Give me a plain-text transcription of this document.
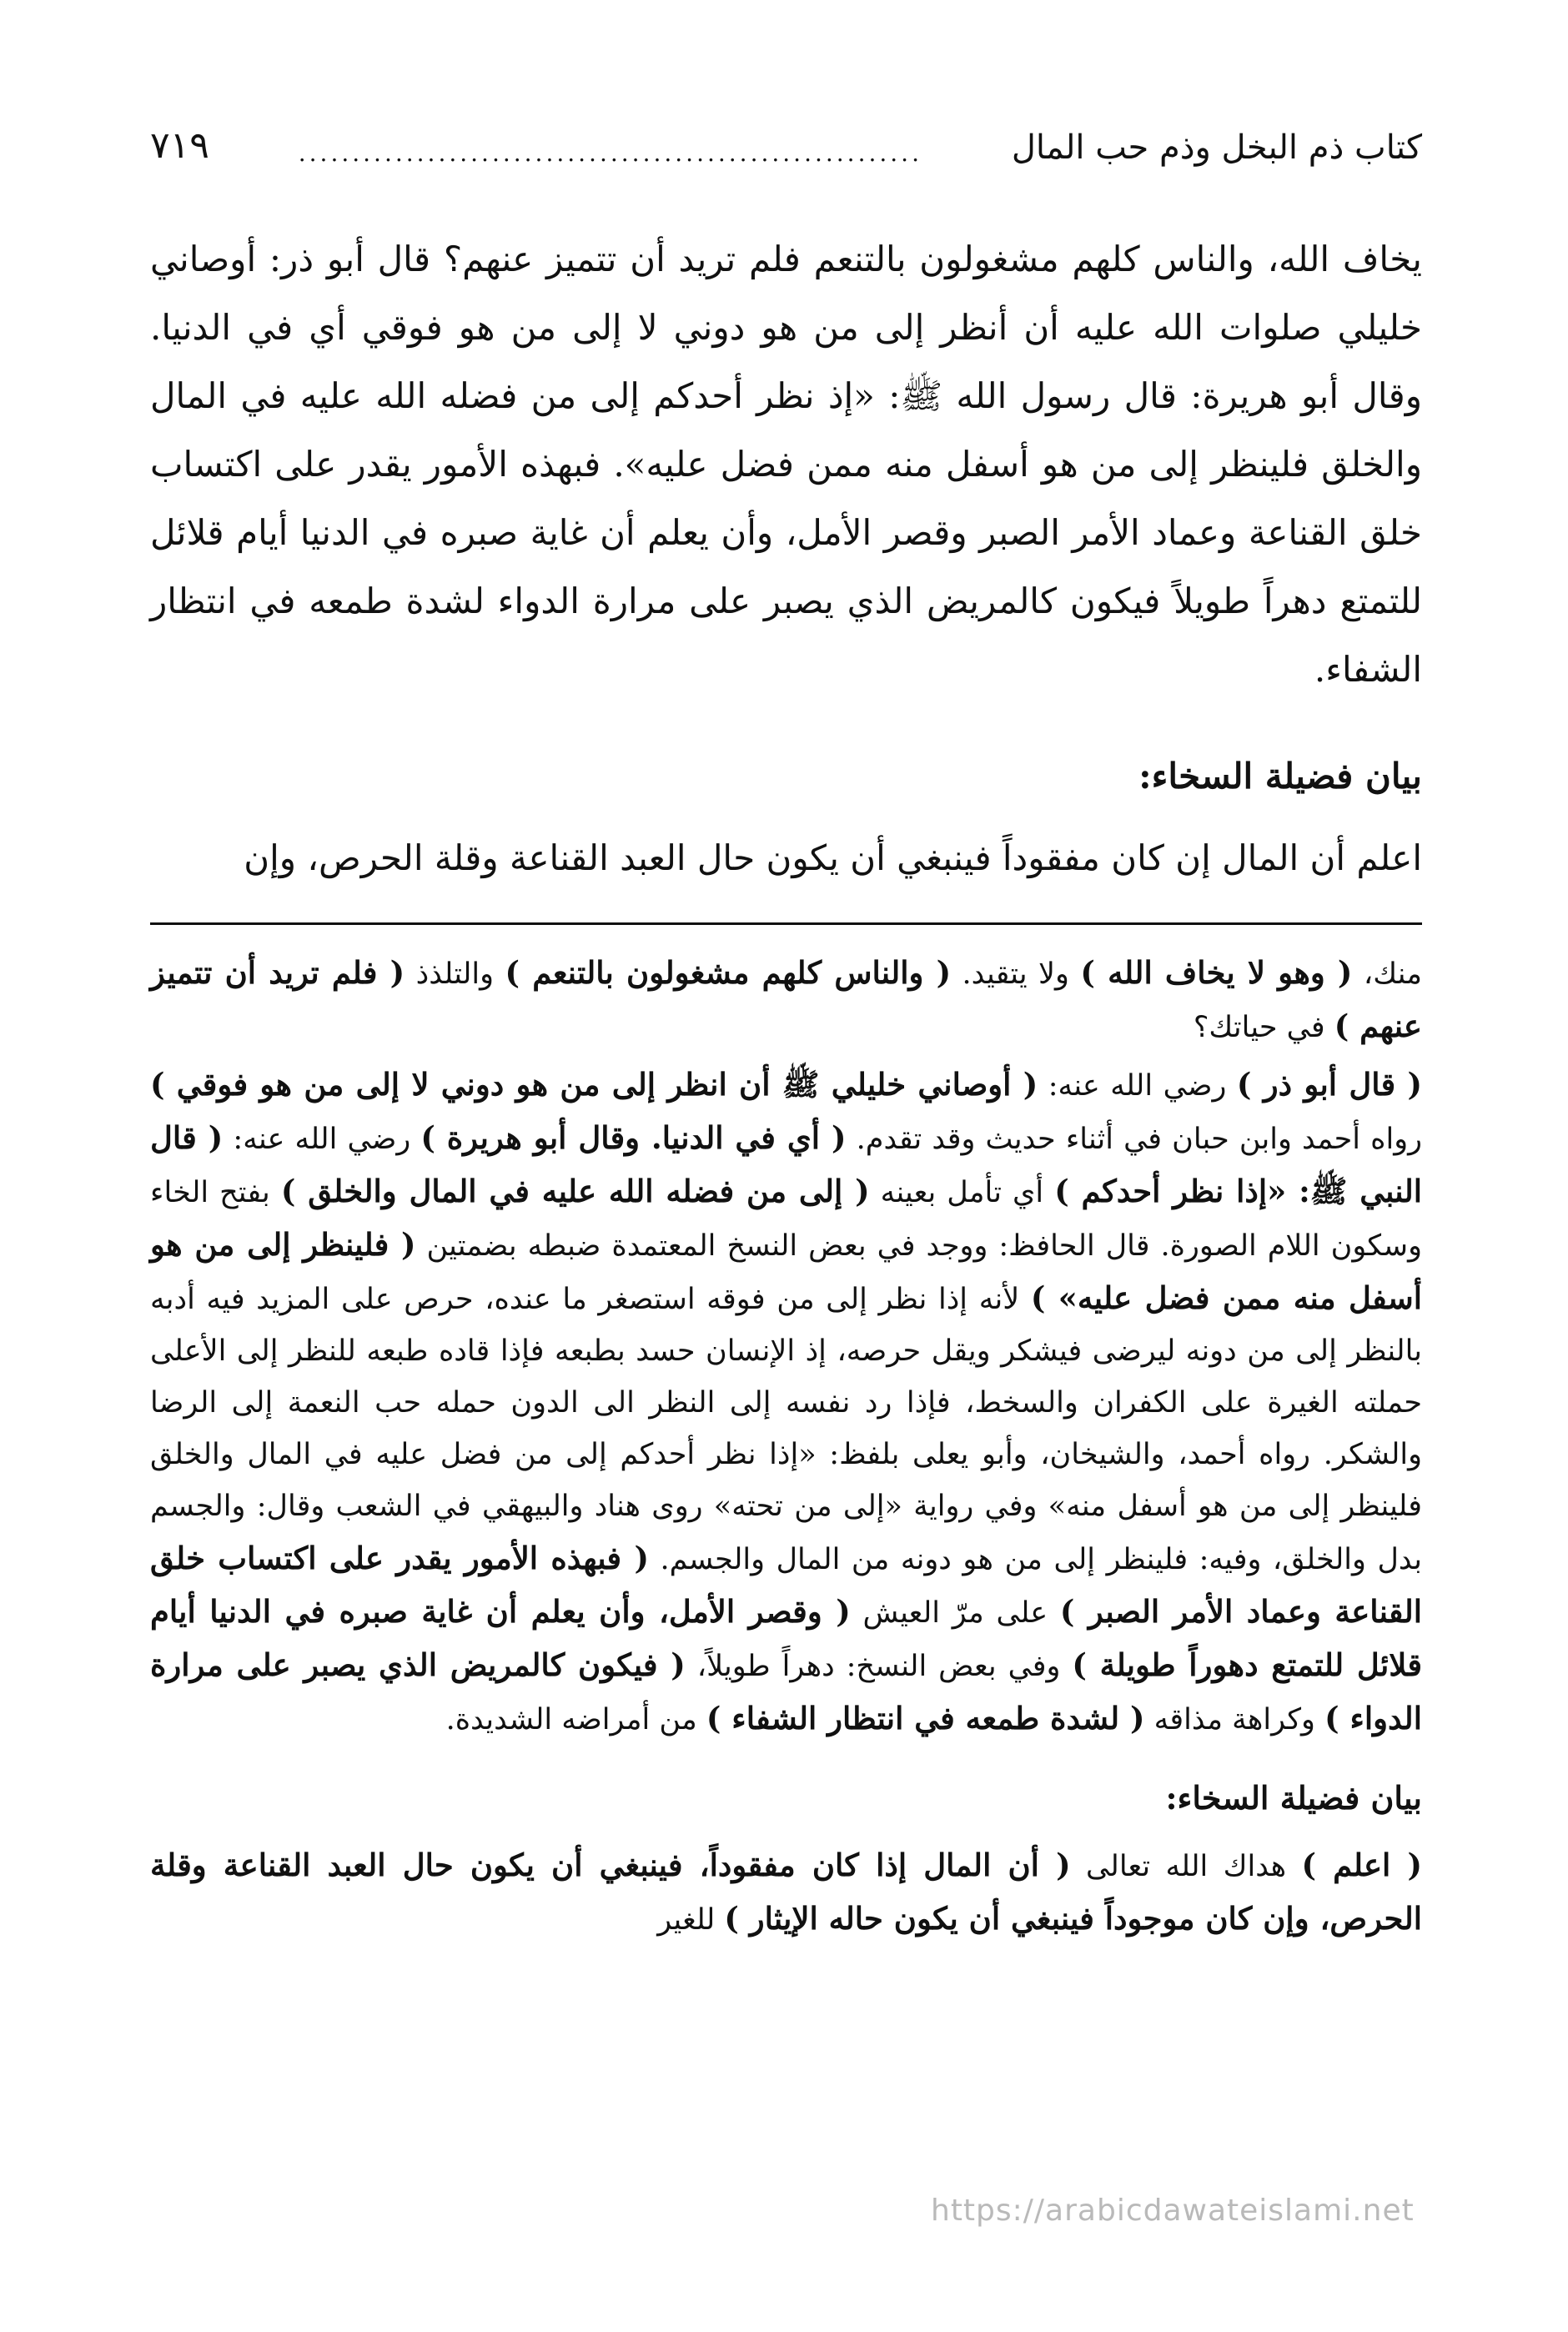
كتاب ذم البخل وذم حب المال
..........................................................
٧١٩

يخاف الله، والناس كلهم مشغولون بالتنعم فلم تريد أن تتميز عنهم؟ قال أبو ذر: أوصاني خليلي صلوات الله عليه أن أنظر إلى من هو دوني لا إلى من هو فوقي أي في الدنيا. وقال أبو هريرة: قال رسول الله ﷺ: «إذ نظر أحدكم إلى من فضله الله عليه في المال والخلق فلينظر إلى من هو أسفل منه ممن فضل عليه». فبهذه الأمور يقدر على اكتساب خلق القناعة وعماد الأمر الصبر وقصر الأمل، وأن يعلم أن غاية صبره في الدنيا أيام قلائل للتمتع دهراً طويلاً فيكون كالمريض الذي يصبر على مرارة الدواء لشدة طمعه في انتظار الشفاء.

بيان فضيلة السخاء:

اعلم أن المال إن كان مفقوداً فينبغي أن يكون حال العبد القناعة وقلة الحرص، وإن

منك، ( وهو لا يخاف الله ) ولا يتقيد. ( والناس كلهم مشغولون بالتنعم ) والتلذذ ( فلم تريد أن تتميز عنهم ) في حياتك؟

( قال أبو ذر ) رضي الله عنه: ( أوصاني خليلي ﷺ أن انظر إلى من هو دوني لا إلى من هو فوقي ) رواه أحمد وابن حبان في أثناء حديث وقد تقدم. ( أي في الدنيا. وقال أبو هريرة ) رضي الله عنه: ( قال النبي ﷺ: «إذا نظر أحدكم ) أي تأمل بعينه ( إلى من فضله الله عليه في المال والخلق ) بفتح الخاء وسكون اللام الصورة. قال الحافظ: ووجد في بعض النسخ المعتمدة ضبطه بضمتين ( فلينظر إلى من هو أسفل منه ممن فضل عليه» ) لأنه إذا نظر إلى من فوقه استصغر ما عنده، حرص على المزيد فيه أدبه بالنظر إلى من دونه ليرضى فيشكر ويقل حرصه، إذ الإنسان حسد بطبعه فإذا قاده طبعه للنظر إلى الأعلى حملته الغيرة على الكفران والسخط، فإذا رد نفسه إلى النظر الى الدون حمله حب النعمة إلى الرضا والشكر. رواه أحمد، والشيخان، وأبو يعلى بلفظ: «إذا نظر أحدكم إلى من فضل عليه في المال والخلق فلينظر إلى من هو أسفل منه» وفي رواية «إلى من تحته» روى هناد والبيهقي في الشعب وقال: والجسم بدل والخلق، وفيه: فلينظر إلى من هو دونه من المال والجسم. ( فبهذه الأمور يقدر على اكتساب خلق القناعة وعماد الأمر الصبر ) على مرّ العيش ( وقصر الأمل، وأن يعلم أن غاية صبره في الدنيا أيام قلائل للتمتع دهوراً طويلة ) وفي بعض النسخ: دهراً طويلاً، ( فيكون كالمريض الذي يصبر على مرارة الدواء ) وكراهة مذاقه ( لشدة طمعه في انتظار الشفاء ) من أمراضه الشديدة.

بيان فضيلة السخاء:

( اعلم ) هداك الله تعالى ( أن المال إذا كان مفقوداً، فينبغي أن يكون حال العبد القناعة وقلة الحرص، وإن كان موجوداً فينبغي أن يكون حاله الإيثار ) للغير

https://arabicdawateislami.net
